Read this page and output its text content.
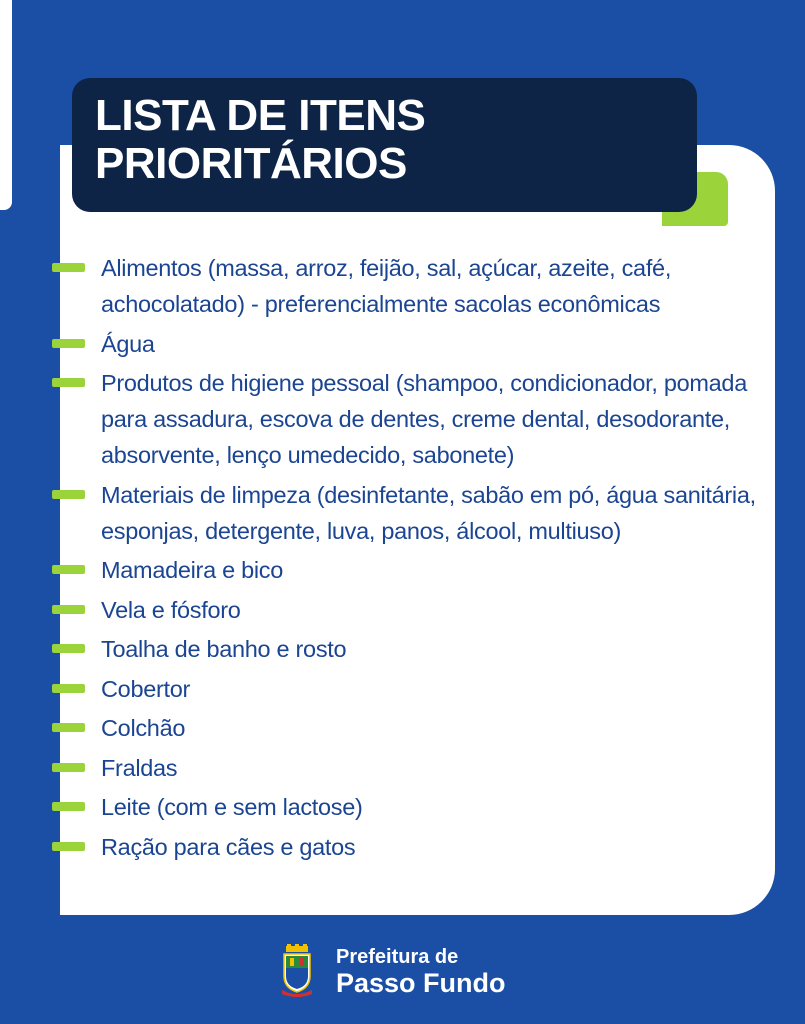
LISTA DE ITENS
PRIORITÁRIOS
Alimentos (massa, arroz, feijão, sal, açúcar, azeite, café, achocolatado) - preferencialmente sacolas econômicas
Água
Produtos de higiene pessoal (shampoo, condicionador, pomada para assadura, escova de dentes, creme dental, desodorante, absorvente, lenço umedecido, sabonete)
Materiais de limpeza (desinfetante, sabão em pó, água sanitária, esponjas, detergente, luva, panos, álcool, multiuso)
Mamadeira e bico
Vela e fósforo
Toalha de banho e rosto
Cobertor
Colchão
Fraldas
Leite (com e sem lactose)
Ração para cães e gatos
Prefeitura de
Passo Fundo
